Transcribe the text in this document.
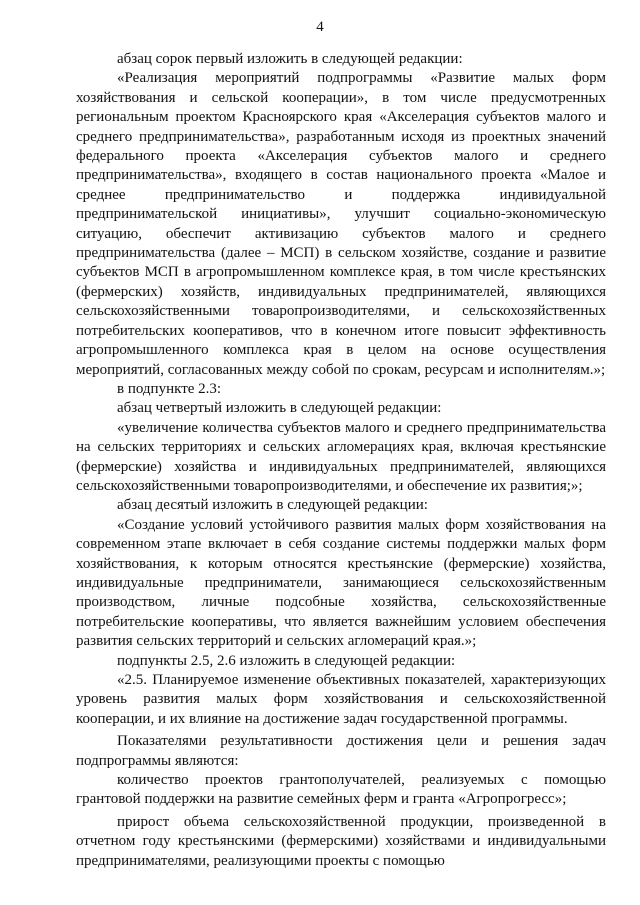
4

абзац сорок первый изложить в следующей редакции:

«Реализация мероприятий подпрограммы «Развитие малых форм хозяйствования и сельской кооперации», в том числе предусмотренных региональным проектом Красноярского края «Акселерация субъектов малого и среднего предпринимательства», разработанным исходя из проектных значений федерального проекта «Акселерация субъектов малого и среднего предпринимательства», входящего в состав национального проекта «Малое и среднее предпринимательство и поддержка индивидуальной предпринимательской инициативы», улучшит социально-экономическую ситуацию, обеспечит активизацию субъектов малого и среднего предпринимательства (далее – МСП) в сельском хозяйстве, создание и развитие субъектов МСП в агропромышленном комплексе края, в том числе крестьянских (фермерских) хозяйств, индивидуальных предпринимателей, являющихся сельскохозяйственными товаропроизводителями, и сельскохозяйственных потребительских кооперативов, что в конечном итоге повысит эффективность агропромышленного комплекса края в целом на основе осуществления мероприятий, согласованных между собой по срокам, ресурсам и исполнителям.»;

в подпункте 2.3:

абзац четвертый изложить в следующей редакции:

«увеличение количества субъектов малого и среднего предпринимательства на сельских территориях и сельских агломерациях края, включая крестьянские (фермерские) хозяйства и индивидуальных предпринимателей, являющихся сельскохозяйственными товаропроизводителями, и обеспечение их развития;»;

абзац десятый изложить в следующей редакции:

«Создание условий устойчивого развития малых форм хозяйствования на современном этапе включает в себя создание системы поддержки малых форм хозяйствования, к которым относятся крестьянские (фермерские) хозяйства, индивидуальные предприниматели, занимающиеся сельскохозяйственным производством, личные подсобные хозяйства, сельскохозяйственные потребительские кооперативы, что является важнейшим условием обеспечения развития сельских территорий и сельских агломераций края.»;

подпункты 2.5, 2.6 изложить в следующей редакции:

«2.5. Планируемое изменение объективных показателей, характеризующих уровень развития малых форм хозяйствования и сельскохозяйственной кооперации, и их влияние на достижение задач государственной программы.

Показателями результативности достижения цели и решения задач подпрограммы являются:

количество проектов грантополучателей, реализуемых с помощью грантовой поддержки на развитие семейных ферм и гранта «Агропрогресс»;

прирост объема сельскохозяйственной продукции, произведенной в отчетном году крестьянскими (фермерскими) хозяйствами и индивидуальными предпринимателями, реализующими проекты с помощью
